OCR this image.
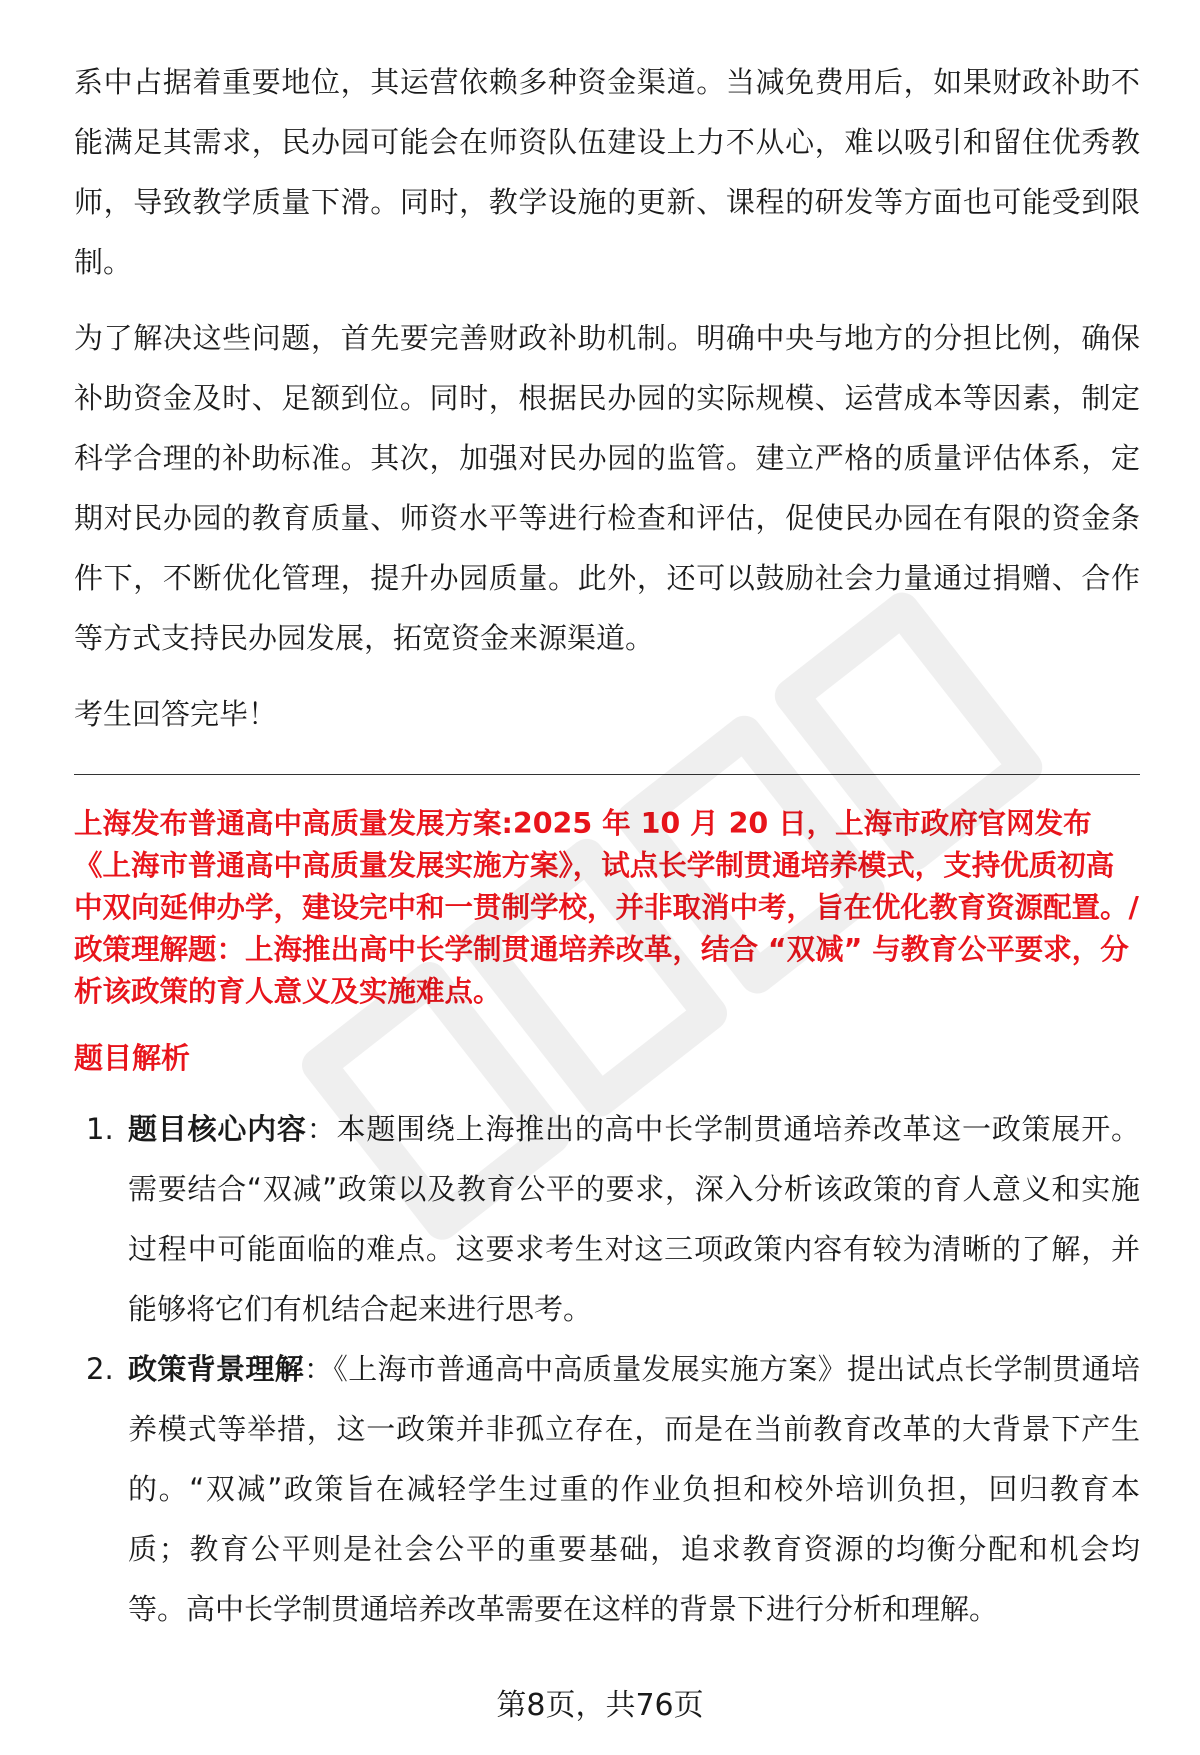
系中占据着重要地位，其运营依赖多种资金渠道。当减免费用后，如果财政补助不能满足其需求，民办园可能会在师资队伍建设上力不从心，难以吸引和留住优秀教师，导致教学质量下滑。同时，教学设施的更新、课程的研发等方面也可能受到限制。

为了解决这些问题，首先要完善财政补助机制。明确中央与地方的分担比例，确保补助资金及时、足额到位。同时，根据民办园的实际规模、运营成本等因素，制定科学合理的补助标准。其次，加强对民办园的监管。建立严格的质量评估体系，定期对民办园的教育质量、师资水平等进行检查和评估，促使民办园在有限的资金条件下，不断优化管理，提升办园质量。此外，还可以鼓励社会力量通过捐赠、合作等方式支持民办园发展，拓宽资金来源渠道。

考生回答完毕！

上海发布普通高中高质量发展方案:2025 年 10 月 20 日，上海市政府官网发布《上海市普通高中高质量发展实施方案》，试点长学制贯通培养模式，支持优质初高中双向延伸办学，建设完中和一贯制学校，并非取消中考，旨在优化教育资源配置。/政策理解题：上海推出高中长学制贯通培养改革，结合 “双减” 与教育公平要求，分析该政策的育人意义及实施难点。

题目解析
1. 题目核心内容：本题围绕上海推出的高中长学制贯通培养改革这一政策展开。需要结合“双减”政策以及教育公平的要求，深入分析该政策的育人意义和实施过程中可能面临的难点。这要求考生对这三项政策内容有较为清晰的了解，并能够将它们有机结合起来进行思考。
2. 政策背景理解：《上海市普通高中高质量发展实施方案》提出试点长学制贯通培养模式等举措，这一政策并非孤立存在，而是在当前教育改革的大背景下产生的。“双减”政策旨在减轻学生过重的作业负担和校外培训负担，回归教育本质；教育公平则是社会公平的重要基础，追求教育资源的均衡分配和机会均等。高中长学制贯通培养改革需要在这样的背景下进行分析和理解。
第8页，共76页
